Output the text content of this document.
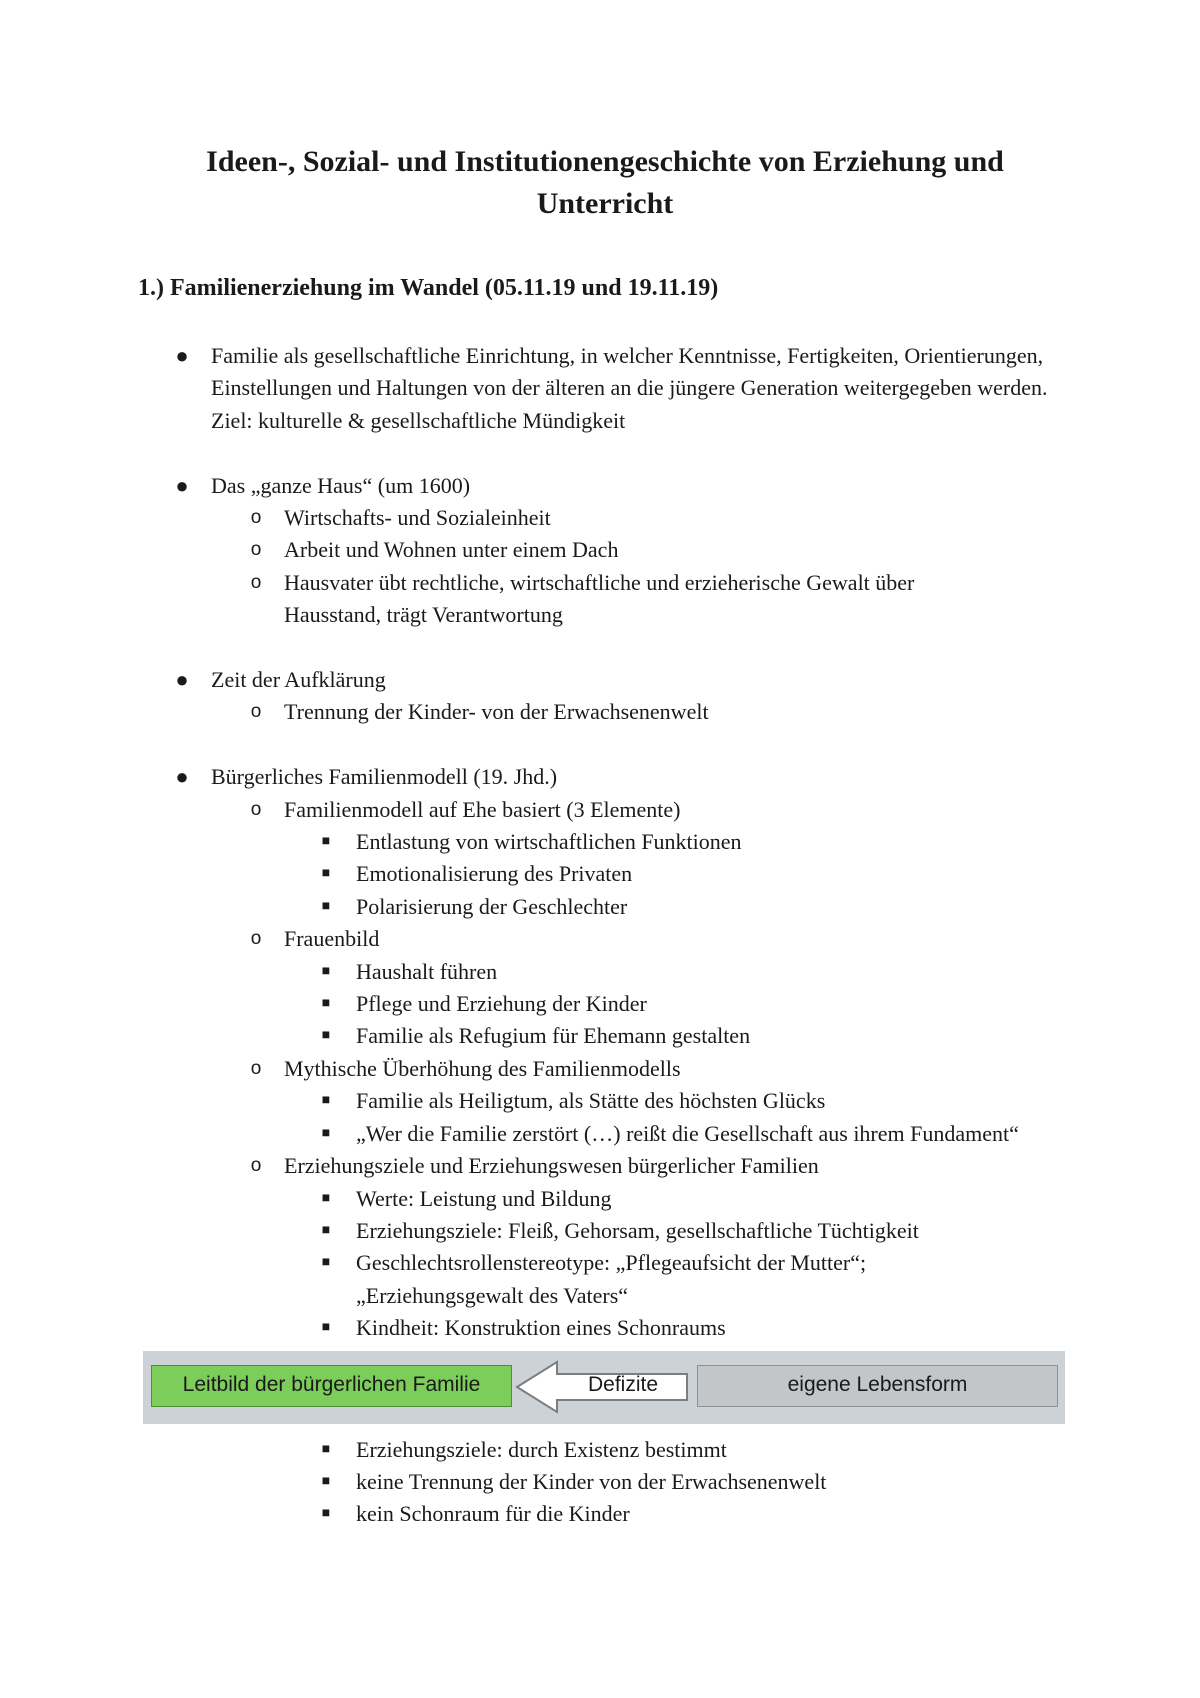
Ideen-, Sozial- und Institutionengeschichte von Erziehung und Unterricht
1.) Familienerziehung im Wandel (05.11.19 und 19.11.19)
● Familie als gesellschaftliche Einrichtung, in welcher Kenntnisse, Fertigkeiten, Orientierungen, Einstellungen und Haltungen von der älteren an die jüngere Generation weitergegeben werden. Ziel: kulturelle & gesellschaftliche Mündigkeit
● Das „ganze Haus“ (um 1600)
o Wirtschafts- und Sozialeinheit
o Arbeit und Wohnen unter einem Dach
o Hausvater übt rechtliche, wirtschaftliche und erzieherische Gewalt über Hausstand, trägt Verantwortung
● Zeit der Aufklärung
o Trennung der Kinder- von der Erwachsenenwelt
● Bürgerliches Familienmodell (19. Jhd.)
o Familienmodell auf Ehe basiert (3 Elemente)
■ Entlastung von wirtschaftlichen Funktionen
■ Emotionalisierung des Privaten
■ Polarisierung der Geschlechter
o Frauenbild
■ Haushalt führen
■ Pflege und Erziehung der Kinder
■ Familie als Refugium für Ehemann gestalten
o Mythische Überhöhung des Familienmodells
■ Familie als Heiligtum, als Stätte des höchsten Glücks
■ „Wer die Familie zerstört (…) reißt die Gesellschaft aus ihrem Fundament“
o Erziehungsziele und Erziehungswesen bürgerlicher Familien
■ Werte: Leistung und Bildung
■ Erziehungsziele: Fleiß, Gehorsam, gesellschaftliche Tüchtigkeit
■ Geschlechtsrollenstereotype: „Pflegeaufsicht der Mutter“; „Erziehungsgewalt des Vaters“
■ Kindheit: Konstruktion eines Schonraums
Leitbild der bürgerlichen Familie	Defizite	eigene Lebensform
■ Erziehungsziele: durch Existenz bestimmt
■ keine Trennung der Kinder von der Erwachsenenwelt
■ kein Schonraum für die Kinder
